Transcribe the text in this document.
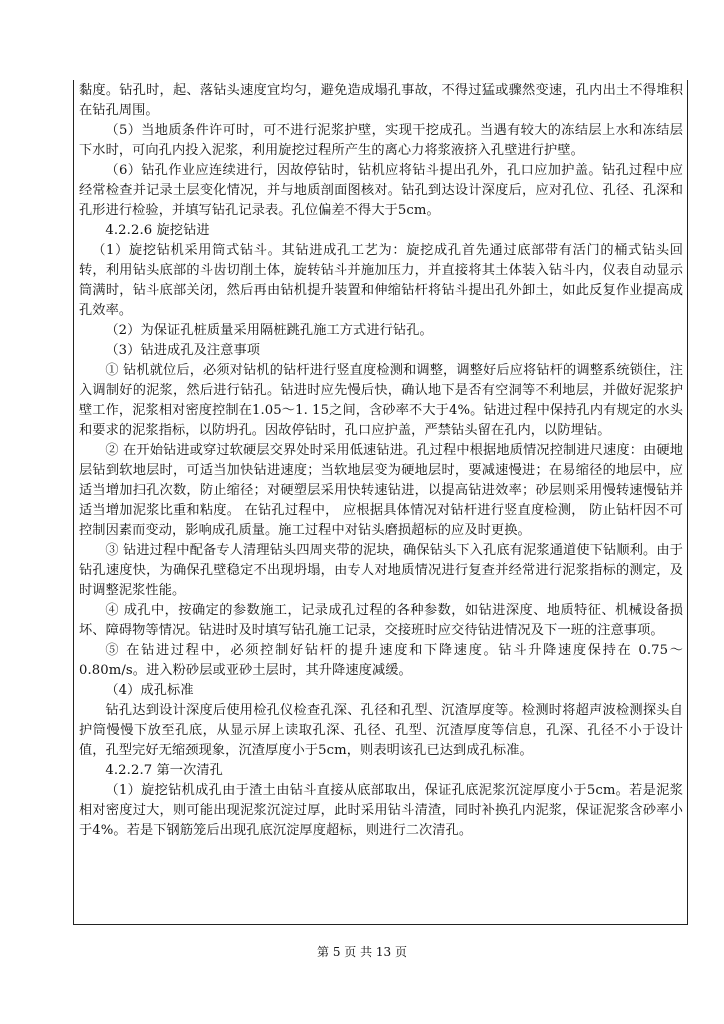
黏度。钻孔时，起、落钻头速度宜均匀，避免造成塌孔事故，不得过猛或骤然变速，孔内出土不得堆积在钻孔周围。

（5）当地质条件许可时，可不进行泥浆护壁，实现干挖成孔。当遇有较大的冻结层上水和冻结层下水时，可向孔内投入泥浆，利用旋挖过程所产生的离心力将浆液挤入孔壁进行护壁。

（6）钻孔作业应连续进行，因故停钻时，钻机应将钻斗提出孔外，孔口应加护盖。钻孔过程中应经常检查并记录土层变化情况，并与地质剖面图核对。钻孔到达设计深度后，应对孔位、孔径、孔深和孔形进行检验，并填写钻孔记录表。孔位偏差不得大于5cm。

4.2.2.6 旋挖钻进

（1）旋挖钻机采用筒式钻斗。其钻进成孔工艺为：旋挖成孔首先通过底部带有活门的桶式钻头回转，利用钻头底部的斗齿切削土体，旋转钻斗并施加压力，并直接将其土体装入钻斗内，仪表自动显示筒满时，钻斗底部关闭，然后再由钻机提升装置和伸缩钻杆将钻斗提出孔外卸土，如此反复作业提高成孔效率。

（2）为保证孔桩质量采用隔桩跳孔施工方式进行钻孔。

（3）钻进成孔及注意事项

① 钻机就位后，必须对钻机的钻杆进行竖直度检测和调整，调整好后应将钻杆的调整系统锁住，注入调制好的泥浆，然后进行钻孔。钻进时应先慢后快，确认地下是否有空洞等不利地层，并做好泥浆护壁工作，泥浆相对密度控制在1.05～1. 15之间，含砂率不大于4%。钻进过程中保持孔内有规定的水头和要求的泥浆指标，以防坍孔。因故停钻时，孔口应护盖，严禁钻头留在孔内，以防埋钻。

② 在开始钻进或穿过软硬层交界处时采用低速钻进。孔过程中根据地质情况控制进尺速度：由硬地层钻到软地层时，可适当加快钻进速度；当软地层变为硬地层时，要减速慢进；在易缩径的地层中，应适当增加扫孔次数，防止缩径；对硬塑层采用快转速钻进，以提高钻进效率；砂层则采用慢转速慢钻并适当增加泥浆比重和粘度。 在钻孔过程中， 应根据具体情况对钻杆进行竖直度检测， 防止钻杆因不可控制因素而变动，影响成孔质量。施工过程中对钻头磨损超标的应及时更换。

③ 钻进过程中配备专人清理钻头四周夹带的泥块，确保钻头下入孔底有泥浆通道使下钻顺利。由于钻孔速度快，为确保孔壁稳定不出现坍塌，由专人对地质情况进行复查并经常进行泥浆指标的测定，及时调整泥浆性能。

④ 成孔中，按确定的参数施工，记录成孔过程的各种参数，如钻进深度、地质特征、机械设备损坏、障碍物等情况。钻进时及时填写钻孔施工记录，交接班时应交待钻进情况及下一班的注意事项。

⑤ 在钻进过程中，必须控制好钻杆的提升速度和下降速度。钻斗升降速度保持在 0.75～0.80m/s。进入粉砂层或亚砂土层时，其升降速度减缓。

（4）成孔标准

钻孔达到设计深度后使用检孔仪检查孔深、孔径和孔型、沉渣厚度等。检测时将超声波检测探头自护筒慢慢下放至孔底，从显示屏上读取孔深、孔径、孔型、沉渣厚度等信息，孔深、孔径不小于设计值，孔型完好无缩颈现象，沉渣厚度小于5cm，则表明该孔已达到成孔标准。

4.2.2.7 第一次清孔

（1）旋挖钻机成孔由于渣土由钻斗直接从底部取出，保证孔底泥浆沉淀厚度小于5cm。若是泥浆相对密度过大，则可能出现泥浆沉淀过厚，此时采用钻斗清渣，同时补换孔内泥浆，保证泥浆含砂率小于4%。若是下钢筋笼后出现孔底沉淀厚度超标，则进行二次清孔。

第 5 页 共 13 页
